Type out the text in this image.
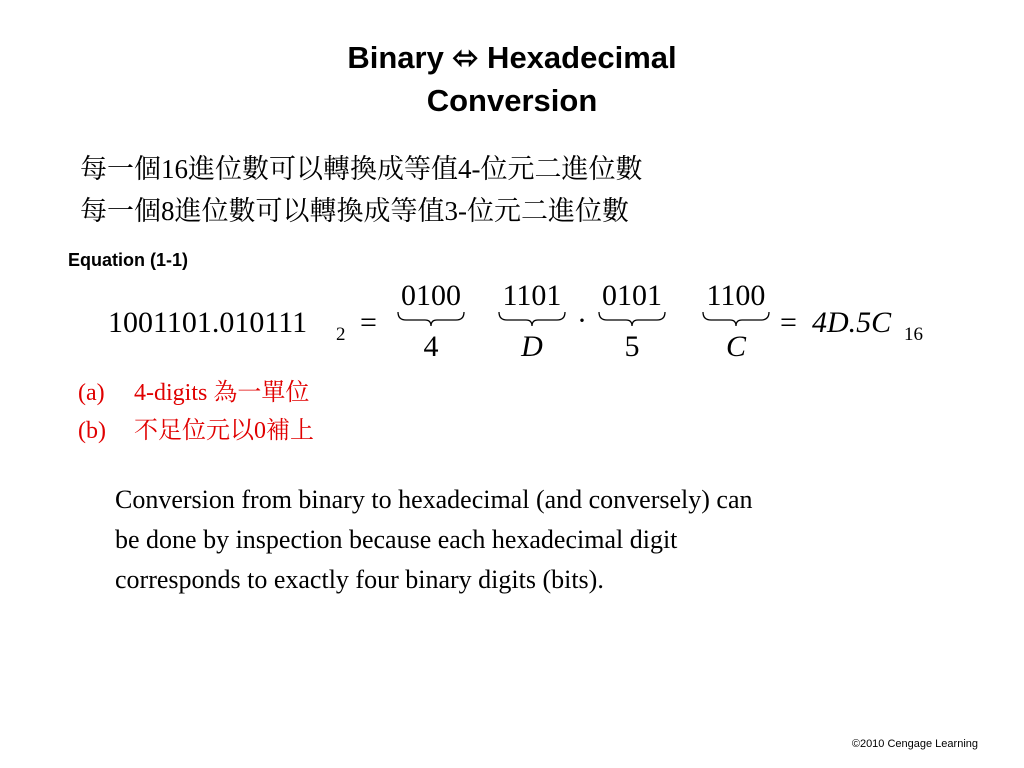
Binary ⬄ Hexadecimal
Conversion
每一個16進位數可以轉換成等值4-位元二進位數
每一個8進位數可以轉換成等值3-位元二進位數
Equation (1-1)
1001101.010111 2 =
0100
4
1101
D
·
0101
5
1100
C
= 4D.5C 16
(a) 4-digits 為一單位
(b) 不足位元以0補上
Conversion from binary to hexadecimal (and conversely) can
be done by inspection because each hexadecimal digit
corresponds to exactly four binary digits (bits).
©2010 Cengage Learning
